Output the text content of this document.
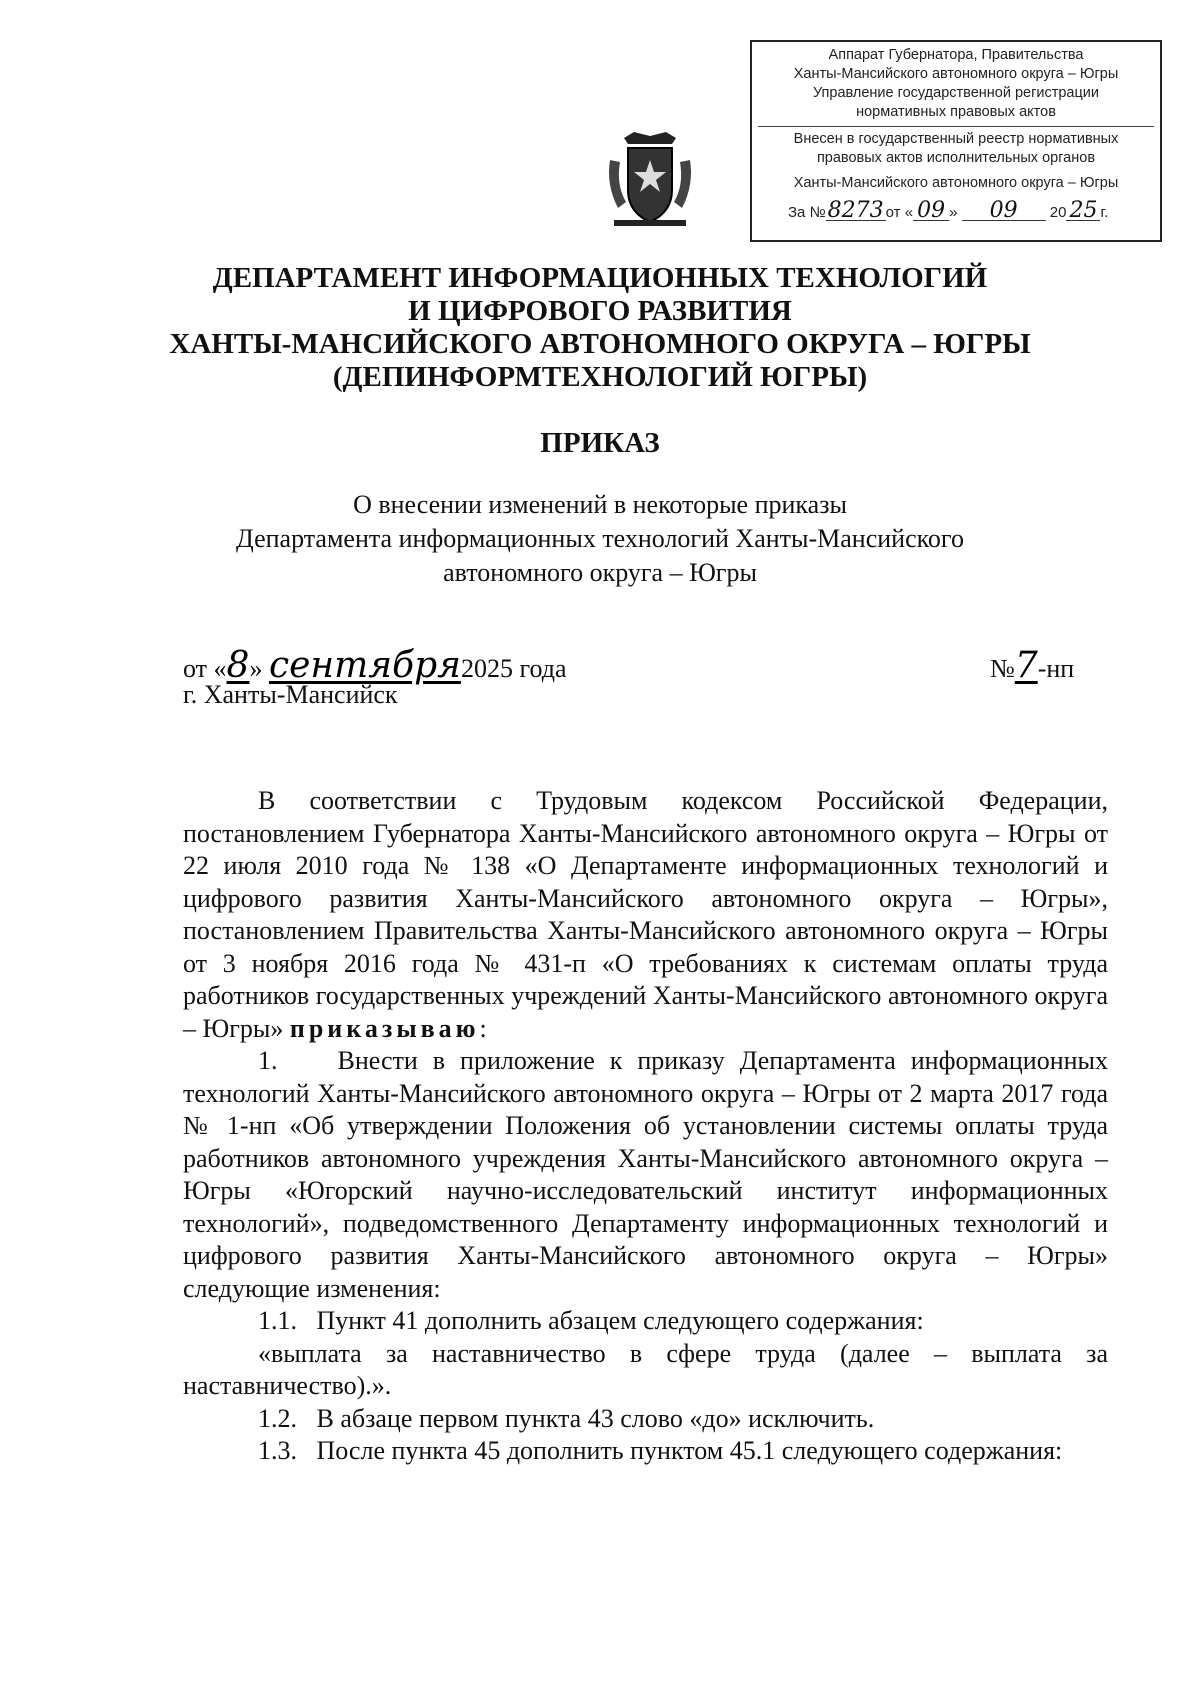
Аппарат Губернатора, Правительства
Ханты-Мансийского автономного округа – Югры
Управление государственной регистрации
нормативных правовых актов
Внесен в государственный реестр нормативных
правовых актов исполнительных органов
Ханты-Мансийского автономного округа – Югры
За №8273 от « 09 » 09 20 25 г.
ДЕПАРТАМЕНТ ИНФОРМАЦИОННЫХ ТЕХНОЛОГИЙ
И ЦИФРОВОГО РАЗВИТИЯ
ХАНТЫ-МАНСИЙСКОГО АВТОНОМНОГО ОКРУГА – ЮГРЫ
(ДЕПИНФОРМТЕХНОЛОГИЙ ЮГРЫ)
ПРИКАЗ
О внесении изменений в некоторые приказы
Департамента информационных технологий Ханты-Мансийского
автономного округа – Югры
от «8» сентября2025 года
г. Ханты-Мансийск
№7-нп

В соответствии с Трудовым кодексом Российской Федерации, постановлением Губернатора Ханты-Мансийского автономного округа – Югры от 22 июля 2010 года № 138 «О Департаменте информационных технологий и цифрового развития Ханты-Мансийского автономного округа – Югры», постановлением Правительства Ханты-Мансийского автономного округа – Югры от 3 ноября 2016 года № 431-п «О требованиях к системам оплаты труда работников государственных учреждений Ханты-Мансийского автономного округа – Югры» приказываю:

1.    Внести в приложение к приказу Департамента информационных технологий Ханты-Мансийского автономного округа – Югры от 2 марта 2017 года № 1-нп «Об утверждении Положения об установлении системы оплаты труда работников автономного учреждения Ханты-Мансийского автономного округа – Югры «Югорский научно-исследовательский институт информационных технологий», подведомственного Департаменту информационных технологий и цифрового развития Ханты-Мансийского автономного округа – Югры» следующие изменения:

1.1.   Пункт 41 дополнить абзацем следующего содержания:

«выплата за наставничество в сфере труда (далее – выплата за наставничество).».

1.2.   В абзаце первом пункта 43 слово «до» исключить.

1.3.   После пункта 45 дополнить пунктом 45.1 следующего содержания:
